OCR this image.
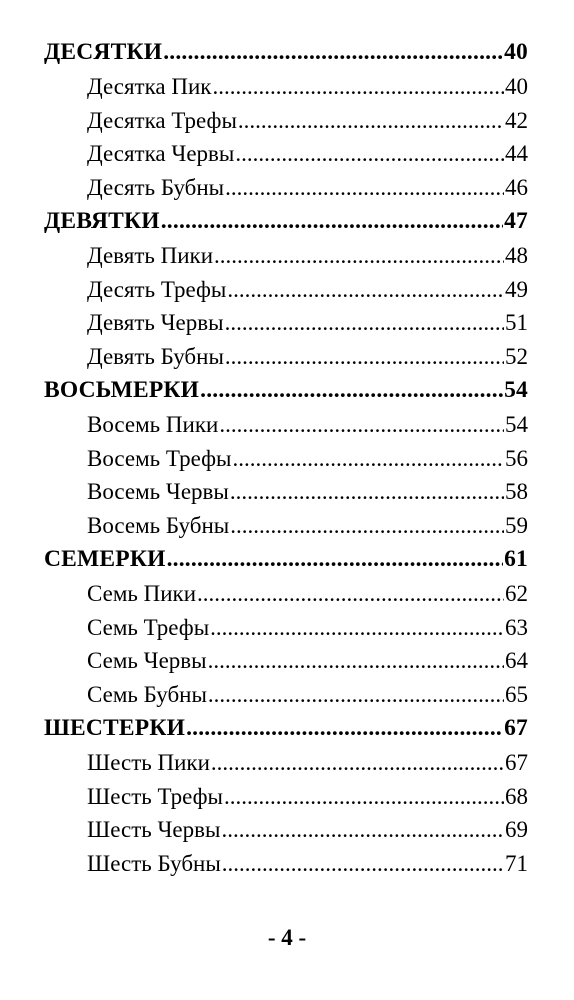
ДЕСЯТКИ .....	40
Десятка Пик .....	40
Десятка Трефы .....	42
Десятка Червы .....	44
Десять Бубны .....	46
ДЕВЯТКИ .....	47
Девять Пики .....	48
Десять Трефы .....	49
Девять Червы .....	51
Девять Бубны .....	52
ВОСЬМЕРКИ .....	54
Восемь Пики .....	54
Восемь Трефы .....	56
Восемь Червы .....	58
Восемь Бубны .....	59
СЕМЕРКИ .....	61
Семь Пики .....	62
Семь Трефы .....	63
Семь Червы .....	64
Семь Бубны .....	65
ШЕСТЕРКИ .....	67
Шесть Пики .....	67
Шесть Трефы .....	68
Шесть Червы .....	69
Шесть Бубны .....	71
- 4 -
